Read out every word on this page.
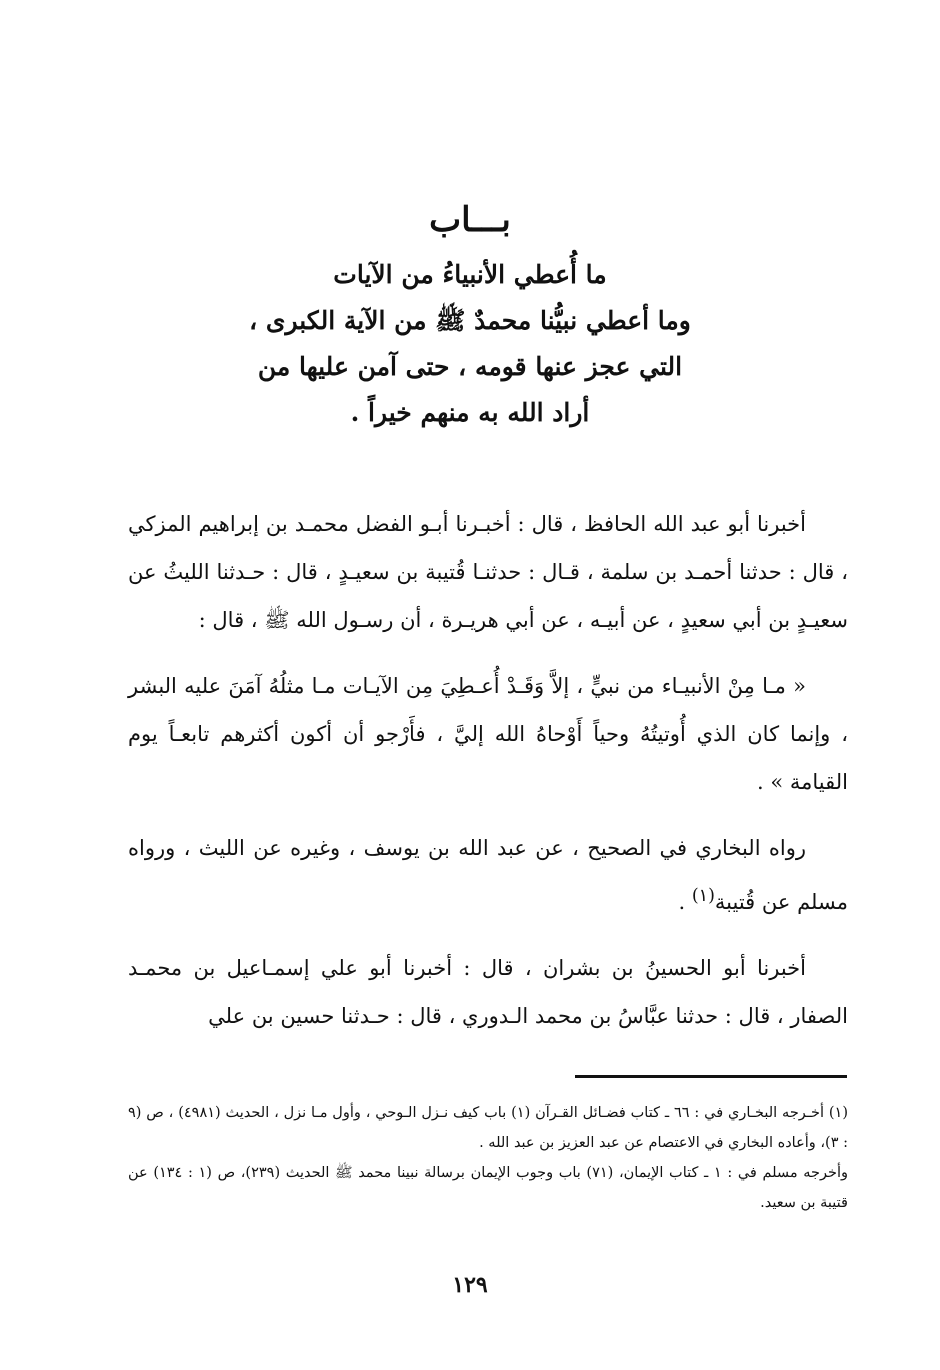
بـــاب
ما أُعطي الأنبياءُ من الآيات
وما أعطي نبيُّنا محمدٌ ﷺ من الآية الكبرى ،
التي عجز عنها قومه ، حتى آمن عليها من
أراد الله به منهم خيراً .

أخبرنا أبو عبد الله الحافظ ، قال : أخبـرنا أبـو الفضل محمـد بن إبراهيم المزكي ، قال : حدثنا أحمـد بن سلمة ، قـال : حدثنـا قُتيبة بن سعيـدٍ ، قال : حـدثنا الليثُ عن سعيـدٍ بن أبي سعيدٍ ، عن أبيـه ، عن أبي هريـرة ، أن رسـول الله ﷺ ، قال :

« مـا مِنْ الأنبيـاء من نبيٍّ ، إلاَّ وَقَـدْ أُعـطِيَ مِن الآيـات مـا مثلُهُ آمَنَ عليه البشر ، وإنما كان الذي أُوتيتُهُ وحياً أَوْحاهُ الله إليَّ ، فأَرْجو أن أكون أكثرهم تابعـاً يوم القيامة » .

رواه البخاري في الصحيح ، عن عبد الله بن يوسف ، وغيره عن الليث ، ورواه مسلم عن قُتيبة$^{(١)}$ .

أخبرنا أبو الحسينُ بن بشران ، قال : أخبرنا أبو علي إسمـاعيل بن محمـد الصفار ، قال : حدثنا عبَّاسُ بن محمد الـدوري ، قال : حـدثنا حسين بن علي

(١) أخـرجه البخـاري في : ٦٦ ـ كتاب فضـائل القـرآن (١) باب كيف نـزل الـوحي ، وأول مـا نزل ، الحديث (٤٩٨١) ، ص (٩ : ٣)، وأعاده البخاري في الاعتصام عن عبد العزيز بن عبد الله .

وأخرجه مسلم في : ١ ـ كتاب الإيمان، (٧١) باب وجوب الإيمان برسالة نبينا محمد ﷺ الحديث (٢٣٩)، ص (١ : ١٣٤) عن قتيبة بن سعيد.

١٢٩
